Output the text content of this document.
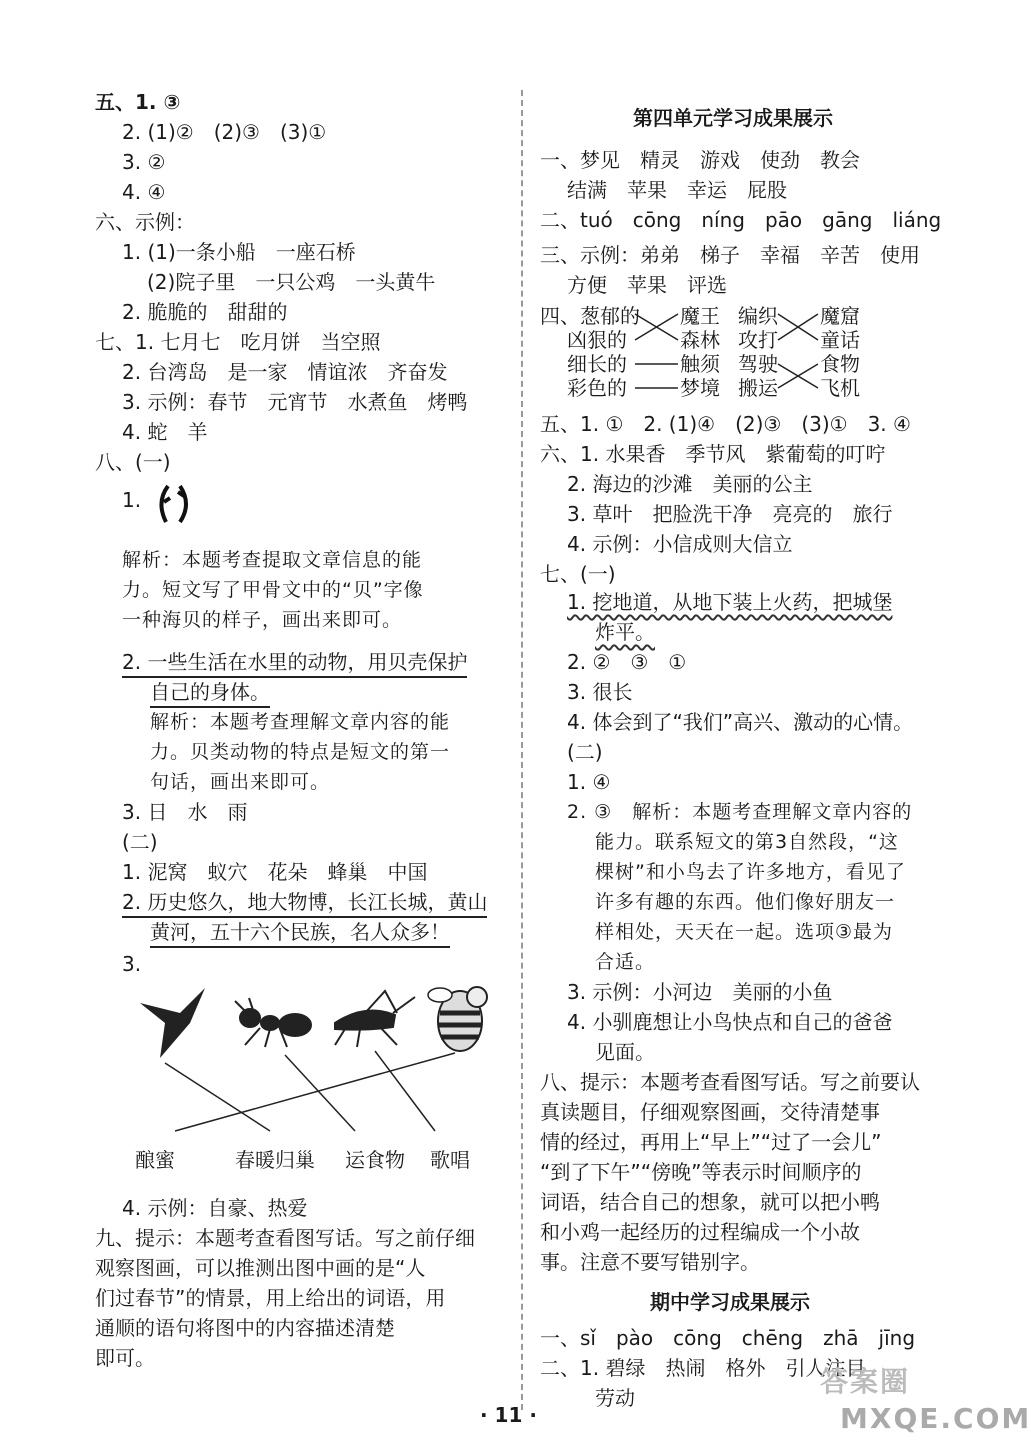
五、1. ③
2. (1)②　(2)③　(3)①
3. ②
4. ④
六、示例：
1. (1)一条小船　一座石桥
(2)院子里　一只公鸡　一头黄牛
2. 脆脆的　甜甜的
七、1. 七月七　吃月饼　当空照
2. 台湾岛　是一家　情谊浓　齐奋发
3. 示例：春节　元宵节　水煮鱼　烤鸭
4. 蛇　羊
八、(一)
1.
解析：本题考查提取文章信息的能
力。短文写了甲骨文中的“贝”字像
一种海贝的样子，画出来即可。
2. 一些生活在水里的动物，用贝壳保护
自己的身体。
解析：本题考查理解文章内容的能
力。贝类动物的特点是短文的第一
句话，画出来即可。
3. 日　水　雨
(二)
1. 泥窝　蚁穴　花朵　蜂巢　中国
2. 历史悠久，地大物博，长江长城，黄山
黄河，五十六个民族，名人众多！
3.
酿蜜	春暖归巢 运食物 歌唱
4. 示例：自豪、热爱
九、提示：本题考查看图写话。写之前仔细
观察图画，可以推测出图中画的是“人
们过春节”的情景，用上给出的词语，用
通顺的语句将图中的内容描述清楚
即可。
第四单元学习成果展示
一、梦见　精灵　游戏　使劲　教会
结满　苹果　幸运　屁股
二、tuó　cōng　níng　pāo　gāng　liáng
三、示例：弟弟　梯子　幸福　辛苦　使用
方便　苹果　评选
四、葱郁的 魔王 编织 魔窟
凶狠的	森林 攻打 童话
细长的	触须 驾驶 食物
彩色的	梦境 搬运 飞机
五、1. ①　2. (1)④　(2)③　(3)①　3. ④
六、1. 水果香　季节风　紫葡萄的叮咛
2. 海边的沙滩　美丽的公主
3. 草叶　把脸洗干净　亮亮的　旅行
4. 示例：小信成则大信立
七、(一)
1. 挖地道，从地下装上火药，把城堡
炸平。
2. ②　③　①
3. 很长
4. 体会到了“我们”高兴、激动的心情。
(二)
1. ④
2. ③　解析：本题考查理解文章内容的
能力。联系短文的第3自然段，“这
棵树”和小鸟去了许多地方，看见了
许多有趣的东西。他们像好朋友一
样相处，天天在一起。选项③最为
合适。
3. 示例：小河边　美丽的小鱼
4. 小驯鹿想让小鸟快点和自己的爸爸
见面。
八、提示：本题考查看图写话。写之前要认
真读题目，仔细观察图画，交待清楚事
情的经过，再用上“早上”“过了一会儿”
“到了下午”“傍晚”等表示时间顺序的
词语，结合自己的想象，就可以把小鸭
和小鸡一起经历的过程编成一个小故
事。注意不要写错别字。
期中学习成果展示
一、sǐ　pào　cōng　chēng　zhā　jīng
二、1. 碧绿　热闹　格外　引人注目
劳动
· 11 ·
答案圈
MXQE.COM
